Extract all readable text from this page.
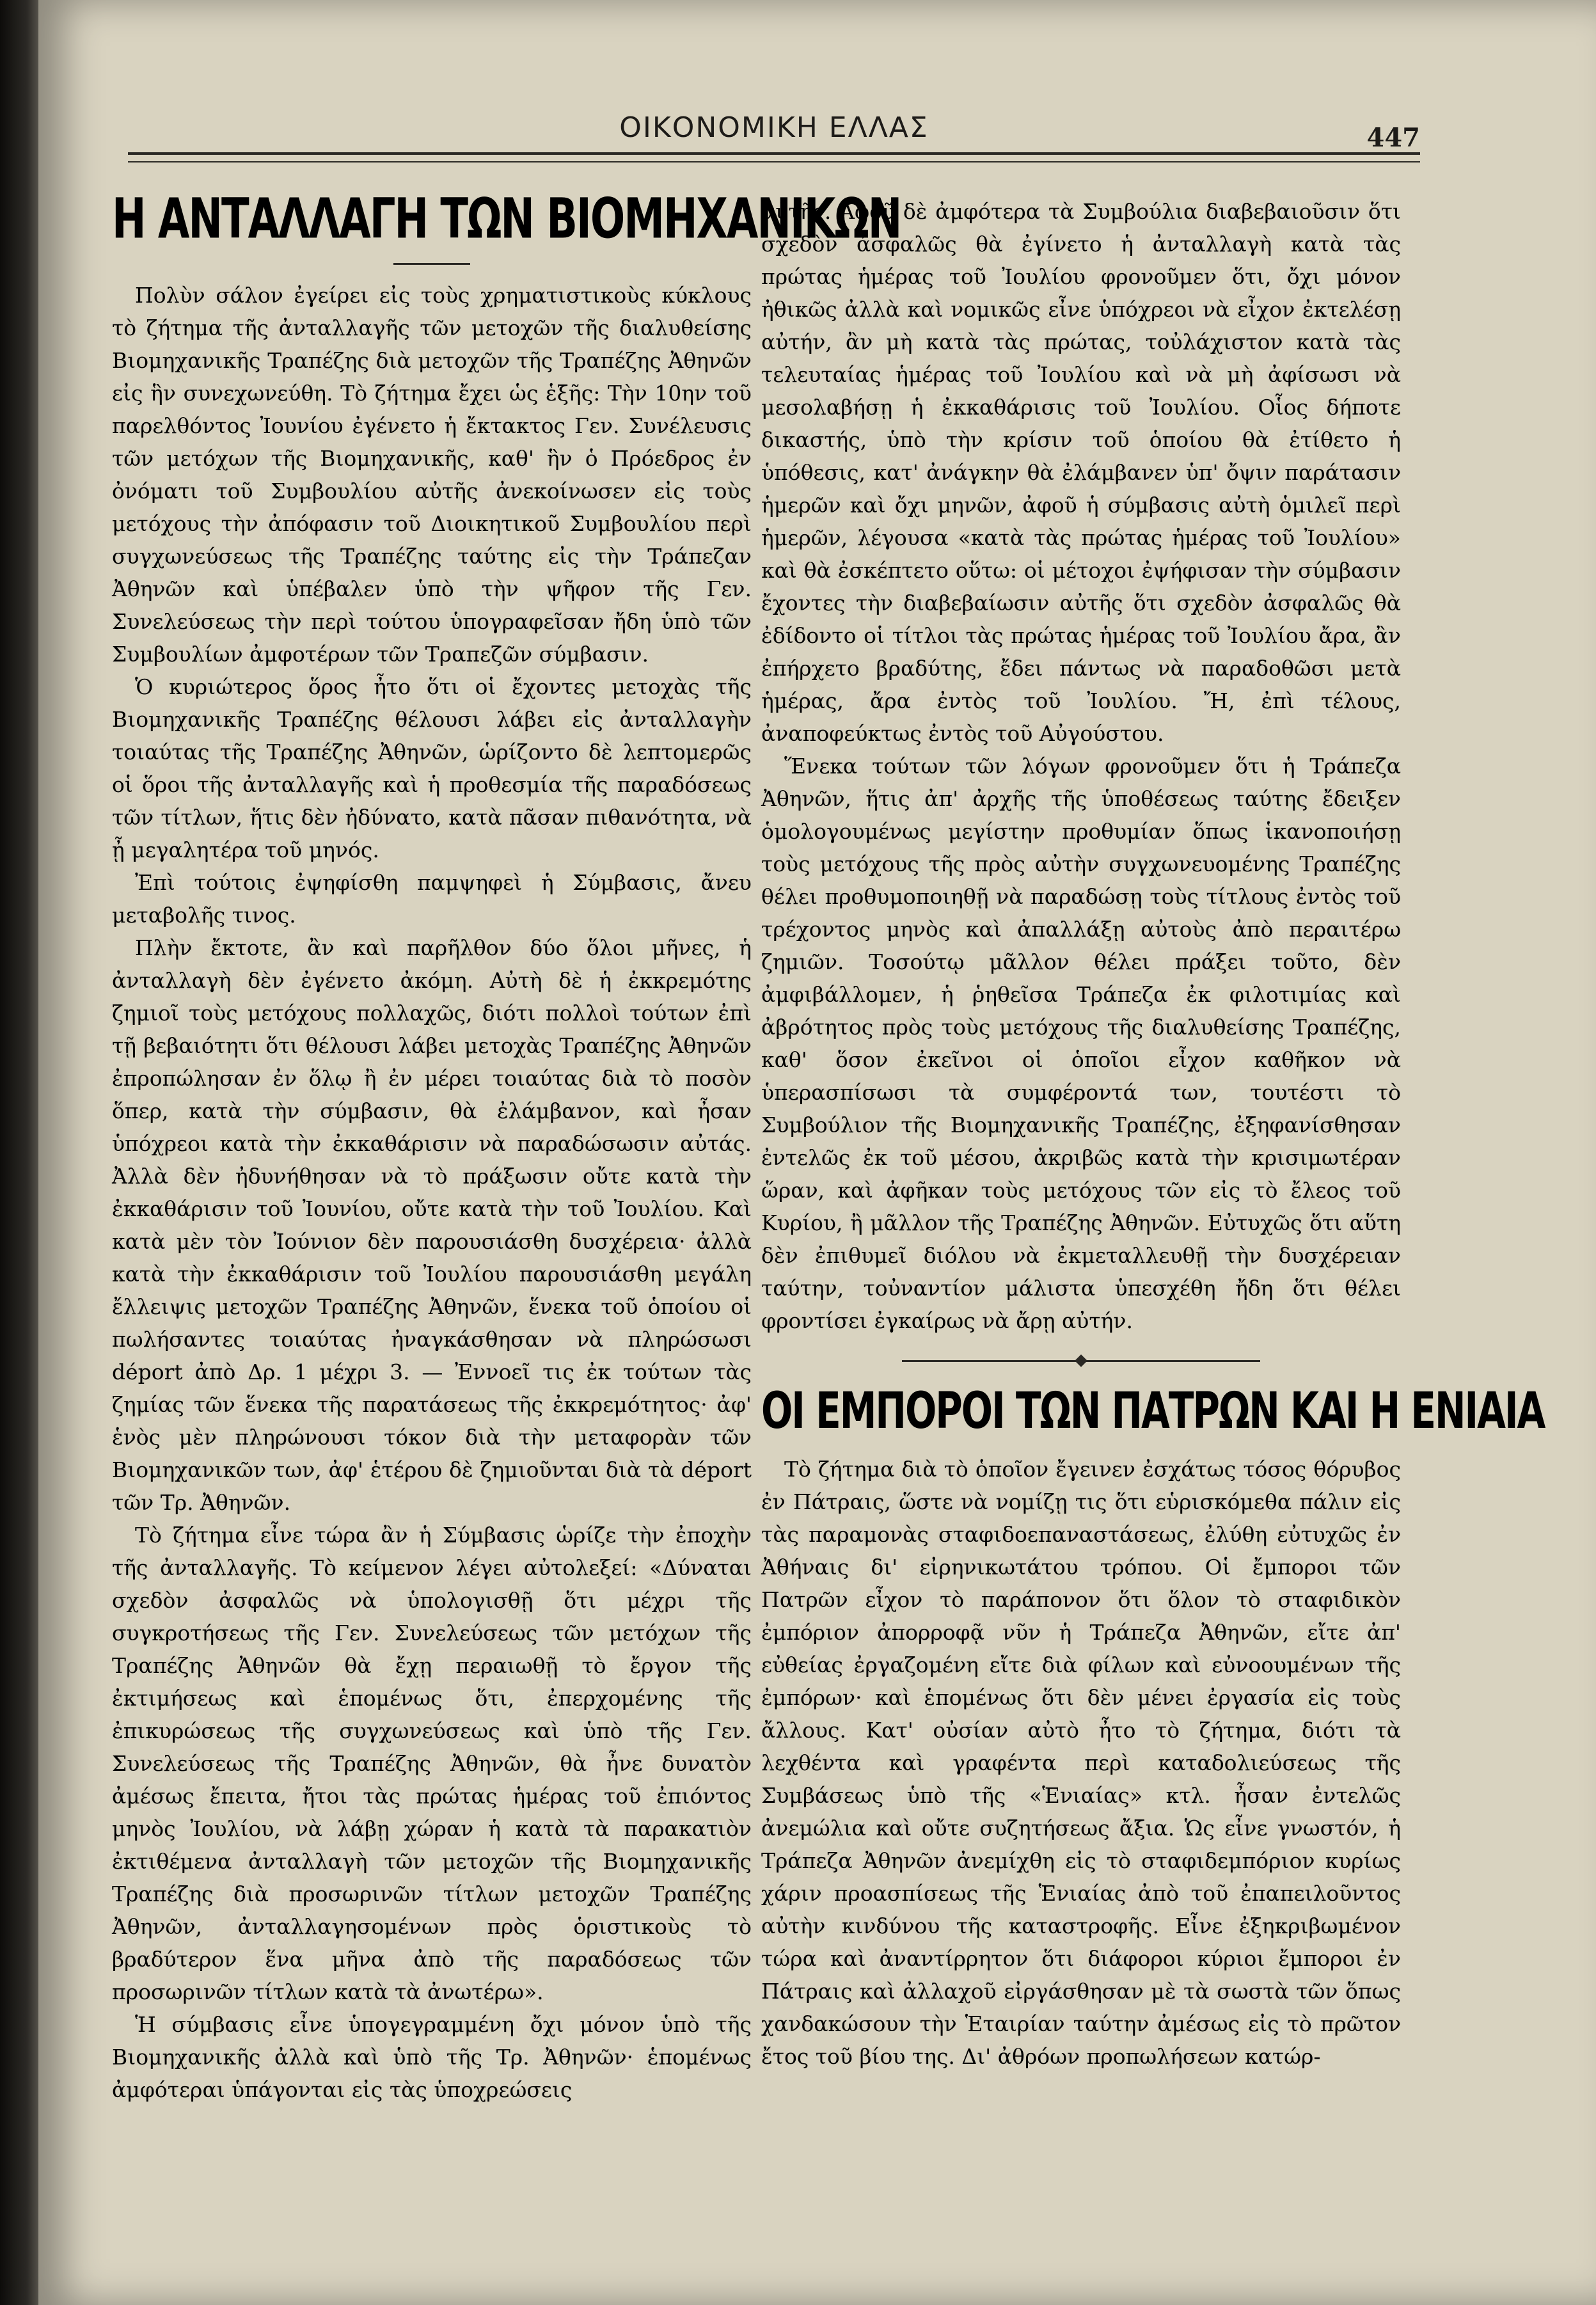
ΟΙΚΟΝΟΜΙΚΗ ΕΛΛΑΣ	447
Η ΑΝΤΑΛΛΑΓΗ ΤΩΝ ΒΙΟΜΗΧΑΝΙΚΩΝ

Πολὺν σάλον ἐγείρει εἰς τοὺς χρηματιστικοὺς κύκλους τὸ ζήτημα τῆς ἀνταλλαγῆς τῶν μετοχῶν τῆς διαλυθείσης Βιομηχανικῆς Τραπέζης διὰ μετοχῶν τῆς Τραπέζης Ἀθηνῶν εἰς ἣν συνεχωνεύθη. Τὸ ζήτημα ἔχει ὡς ἑξῆς: Τὴν 10ην τοῦ παρελθόντος Ἰουνίου ἐγένετο ἡ ἔκτακτος Γεν. Συνέλευσις τῶν μετόχων τῆς Βιομηχανικῆς, καθ' ἣν ὁ Πρόεδρος ἐν ὀνόματι τοῦ Συμβουλίου αὐτῆς ἀνεκοίνωσεν εἰς τοὺς μετόχους τὴν ἀπόφασιν τοῦ Διοικητικοῦ Συμβουλίου περὶ συγχωνεύσεως τῆς Τραπέζης ταύτης εἰς τὴν Τράπεζαν Ἀθηνῶν καὶ ὑπέβαλεν ὑπὸ τὴν ψῆφον τῆς Γεν. Συνελεύσεως τὴν περὶ τούτου ὑπογραφεῖσαν ἤδη ὑπὸ τῶν Συμβουλίων ἀμφοτέρων τῶν Τραπεζῶν σύμβασιν.

Ὁ κυριώτερος ὅρος ἦτο ὅτι οἱ ἔχοντες μετοχὰς τῆς Βιομηχανικῆς Τραπέζης θέλουσι λάβει εἰς ἀνταλλαγὴν τοιαύτας τῆς Τραπέζης Ἀθηνῶν, ὡρίζοντο δὲ λεπτομερῶς οἱ ὅροι τῆς ἀνταλλαγῆς καὶ ἡ προθεσμία τῆς παραδόσεως τῶν τίτλων, ἥτις δὲν ἠδύνατο, κατὰ πᾶσαν πιθανότητα, νὰ ᾖ μεγαλητέρα τοῦ μηνός.

Ἐπὶ τούτοις ἐψηφίσθη παμψηφεὶ ἡ Σύμβασις, ἄνευ μεταβολῆς τινος.

Πλὴν ἔκτοτε, ἂν καὶ παρῆλθον δύο ὅλοι μῆνες, ἡ ἀνταλλαγὴ δὲν ἐγένετο ἀκόμη. Αὐτὴ δὲ ἡ ἐκκρεμότης ζημιοῖ τοὺς μετόχους πολλαχῶς, διότι πολλοὶ τούτων ἐπὶ τῇ βεβαιότητι ὅτι θέλουσι λάβει μετοχὰς Τραπέζης Ἀθηνῶν ἐπροπώλησαν ἐν ὅλῳ ἢ ἐν μέρει τοιαύτας διὰ τὸ ποσὸν ὅπερ, κατὰ τὴν σύμβασιν, θὰ ἐλάμβανον, καὶ ἦσαν ὑπόχρεοι κατὰ τὴν ἐκκαθάρισιν νὰ παραδώσωσιν αὐτάς. Ἀλλὰ δὲν ἠδυνήθησαν νὰ τὸ πράξωσιν οὔτε κατὰ τὴν ἐκκαθάρισιν τοῦ Ἰουνίου, οὔτε κατὰ τὴν τοῦ Ἰουλίου. Καὶ κατὰ μὲν τὸν Ἰούνιον δὲν παρουσιάσθη δυσχέρεια· ἀλλὰ κατὰ τὴν ἐκκαθάρισιν τοῦ Ἰουλίου παρουσιάσθη μεγάλη ἔλλειψις μετοχῶν Τραπέζης Ἀθηνῶν, ἕνεκα τοῦ ὁποίου οἱ πωλήσαντες τοιαύτας ἠναγκάσθησαν νὰ πληρώσωσι déport ἀπὸ Δρ. 1 μέχρι 3. — Ἐννοεῖ τις ἐκ τούτων τὰς ζημίας τῶν ἕνεκα τῆς παρατάσεως τῆς ἐκκρεμότητος· ἀφ' ἑνὸς μὲν πληρώνουσι τόκον διὰ τὴν μεταφορὰν τῶν Βιομηχανικῶν των, ἀφ' ἑτέρου δὲ ζημιοῦνται διὰ τὰ déport τῶν Τρ. Ἀθηνῶν.

Τὸ ζήτημα εἶνε τώρα ἂν ἡ Σύμβασις ὡρίζε τὴν ἐποχὴν τῆς ἀνταλλαγῆς. Τὸ κείμενον λέγει αὐτολεξεί: «Δύναται σχεδὸν ἀσφαλῶς νὰ ὑπολογισθῇ ὅτι μέχρι τῆς συγκροτήσεως τῆς Γεν. Συνελεύσεως τῶν μετόχων τῆς Τραπέζης Ἀθηνῶν θὰ ἔχῃ περαιωθῇ τὸ ἔργον τῆς ἐκτιμήσεως καὶ ἑπομένως ὅτι, ἐπερχομένης τῆς ἐπικυρώσεως τῆς συγχωνεύσεως καὶ ὑπὸ τῆς Γεν. Συνελεύσεως τῆς Τραπέζης Ἀθηνῶν, θὰ ἦνε δυνατὸν ἀμέσως ἔπειτα, ἤτοι τὰς πρώτας ἡμέρας τοῦ ἐπιόντος μηνὸς Ἰουλίου, νὰ λάβῃ χώραν ἡ κατὰ τὰ παρακατιὸν ἐκτιθέμενα ἀνταλλαγὴ τῶν μετοχῶν τῆς Βιομηχανικῆς Τραπέζης διὰ προσωρινῶν τίτλων μετοχῶν Τραπέζης Ἀθηνῶν, ἀνταλλαγησομένων πρὸς ὁριστικοὺς τὸ βραδύτερον ἕνα μῆνα ἀπὸ τῆς παραδόσεως τῶν προσωρινῶν τίτλων κατὰ τὰ ἀνωτέρω».

Ἡ σύμβασις εἶνε ὑπογεγραμμένη ὄχι μόνον ὑπὸ τῆς Βιομηχανικῆς ἀλλὰ καὶ ὑπὸ τῆς Τρ. Ἀθηνῶν· ἑπομένως ἀμφότεραι ὑπάγονται εἰς τὰς ὑποχρεώσεις

αὐτῆς. Ἀφοῦ δὲ ἀμφότερα τὰ Συμβούλια διαβεβαιοῦσιν ὅτι σχεδὸν ἀσφαλῶς θὰ ἐγίνετο ἡ ἀνταλλαγὴ κατὰ τὰς πρώτας ἡμέρας τοῦ Ἰουλίου φρονοῦμεν ὅτι, ὄχι μόνον ἠθικῶς ἀλλὰ καὶ νομικῶς εἶνε ὑπόχρεοι νὰ εἶχον ἐκτελέσῃ αὐτήν, ἂν μὴ κατὰ τὰς πρώτας, τοὐλάχιστον κατὰ τὰς τελευταίας ἡμέρας τοῦ Ἰουλίου καὶ νὰ μὴ ἀφίσωσι νὰ μεσολαβήσῃ ἡ ἐκκαθάρισις τοῦ Ἰουλίου. Οἷος δήποτε δικαστής, ὑπὸ τὴν κρίσιν τοῦ ὁποίου θὰ ἐτίθετο ἡ ὑπόθεσις, κατ' ἀνάγκην θὰ ἐλάμβανεν ὑπ' ὄψιν παράτασιν ἡμερῶν καὶ ὄχι μηνῶν, ἀφοῦ ἡ σύμβασις αὐτὴ ὁμιλεῖ περὶ ἡμερῶν, λέγουσα «κατὰ τὰς πρώτας ἡμέρας τοῦ Ἰουλίου» καὶ θὰ ἐσκέπτετο οὕτω: οἱ μέτοχοι ἐψήφισαν τὴν σύμβασιν ἔχοντες τὴν διαβεβαίωσιν αὐτῆς ὅτι σχεδὸν ἀσφαλῶς θὰ ἐδίδοντο οἱ τίτλοι τὰς πρώτας ἡμέρας τοῦ Ἰουλίου ἄρα, ἂν ἐπήρχετο βραδύτης, ἔδει πάντως νὰ παραδοθῶσι μετὰ ἡμέρας, ἄρα ἐντὸς τοῦ Ἰουλίου. Ἤ, ἐπὶ τέλους, ἀναποφεύκτως ἐντὸς τοῦ Αὐγούστου.

Ἕνεκα τούτων τῶν λόγων φρονοῦμεν ὅτι ἡ Τράπεζα Ἀθηνῶν, ἥτις ἀπ' ἀρχῆς τῆς ὑποθέσεως ταύτης ἔδειξεν ὁμολογουμένως μεγίστην προθυμίαν ὅπως ἱκανοποιήσῃ τοὺς μετόχους τῆς πρὸς αὐτὴν συγχωνευομένης Τραπέζης θέλει προθυμοποιηθῇ νὰ παραδώσῃ τοὺς τίτλους ἐντὸς τοῦ τρέχοντος μηνὸς καὶ ἀπαλλάξῃ αὐτοὺς ἀπὸ περαιτέρω ζημιῶν. Τοσούτῳ μᾶλλον θέλει πράξει τοῦτο, δὲν ἀμφιβάλλομεν, ἡ ῥηθεῖσα Τράπεζα ἐκ φιλοτιμίας καὶ ἀβρότητος πρὸς τοὺς μετόχους τῆς διαλυθείσης Τραπέζης, καθ' ὅσον ἐκεῖνοι οἱ ὁποῖοι εἶχον καθῆκον νὰ ὑπερασπίσωσι τὰ συμφέροντά των, τουτέστι τὸ Συμβούλιον τῆς Βιομηχανικῆς Τραπέζης, ἐξηφανίσθησαν ἐντελῶς ἐκ τοῦ μέσου, ἀκριβῶς κατὰ τὴν κρισιμωτέραν ὥραν, καὶ ἀφῆκαν τοὺς μετόχους τῶν εἰς τὸ ἔλεος τοῦ Κυρίου, ἢ μᾶλλον τῆς Τραπέζης Ἀθηνῶν. Εὐτυχῶς ὅτι αὕτη δὲν ἐπιθυμεῖ διόλου νὰ ἐκμεταλλευθῇ τὴν δυσχέρειαν ταύτην, τοὐναντίον μάλιστα ὑπεσχέθη ἤδη ὅτι θέλει φροντίσει ἐγκαίρως νὰ ἄρῃ αὐτήν.

ΟΙ ΕΜΠΟΡΟΙ ΤΩΝ ΠΑΤΡΩΝ ΚΑΙ Η ΕΝΙΑΙΑ

Τὸ ζήτημα διὰ τὸ ὁποῖον ἔγεινεν ἐσχάτως τόσος θόρυβος ἐν Πάτραις, ὥστε νὰ νομίζῃ τις ὅτι εὑρισκόμεθα πάλιν εἰς τὰς παραμονὰς σταφιδοεπαναστάσεως, ἐλύθη εὐτυχῶς ἐν Ἀθήναις δι' εἰρηνικωτάτου τρόπου. Οἱ ἔμποροι τῶν Πατρῶν εἶχον τὸ παράπονον ὅτι ὅλον τὸ σταφιδικὸν ἐμπόριον ἀπορροφᾷ νῦν ἡ Τράπεζα Ἀθηνῶν, εἴτε ἀπ' εὐθείας ἐργαζομένη εἴτε διὰ φίλων καὶ εὐνοουμένων τῆς ἐμπόρων· καὶ ἑπομένως ὅτι δὲν μένει ἐργασία εἰς τοὺς ἄλλους. Κατ' οὐσίαν αὐτὸ ἦτο τὸ ζήτημα, διότι τὰ λεχθέντα καὶ γραφέντα περὶ καταδολιεύσεως τῆς Συμβάσεως ὑπὸ τῆς «Ἑνιαίας» κτλ. ἦσαν ἐντελῶς ἀνεμώλια καὶ οὔτε συζητήσεως ἄξια. Ὡς εἶνε γνωστόν, ἡ Τράπεζα Ἀθηνῶν ἀνεμίχθη εἰς τὸ σταφιδεμπόριον κυρίως χάριν προασπίσεως τῆς Ἑνιαίας ἀπὸ τοῦ ἐπαπειλοῦντος αὐτὴν κινδύνου τῆς καταστροφῆς. Εἶνε ἐξηκριβωμένον τώρα καὶ ἀναντίρρητον ὅτι διάφοροι κύριοι ἔμποροι ἐν Πάτραις καὶ ἀλλαχοῦ εἰργάσθησαν μὲ τὰ σωστὰ τῶν ὅπως χανδακώσουν τὴν Ἑταιρίαν ταύτην ἀμέσως εἰς τὸ πρῶτον ἔτος τοῦ βίου της. Δι' ἀθρόων προπωλήσεων κατώρ-
